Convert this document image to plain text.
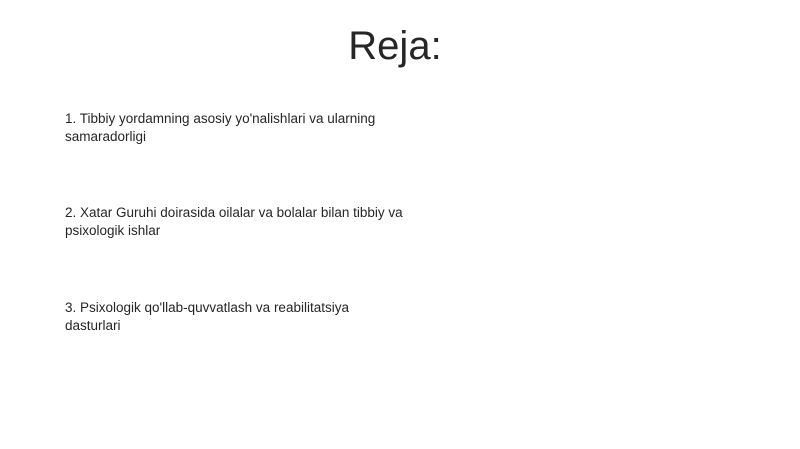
Reja:
1. Tibbiy yordamning asosiy yo'nalishlari va ularning samaradorligi
2. Xatar Guruhi doirasida oilalar va bolalar bilan tibbiy va psixologik ishlar
3. Psixologik qo'llab-quvvatlash va reabilitatsiya dasturlari
